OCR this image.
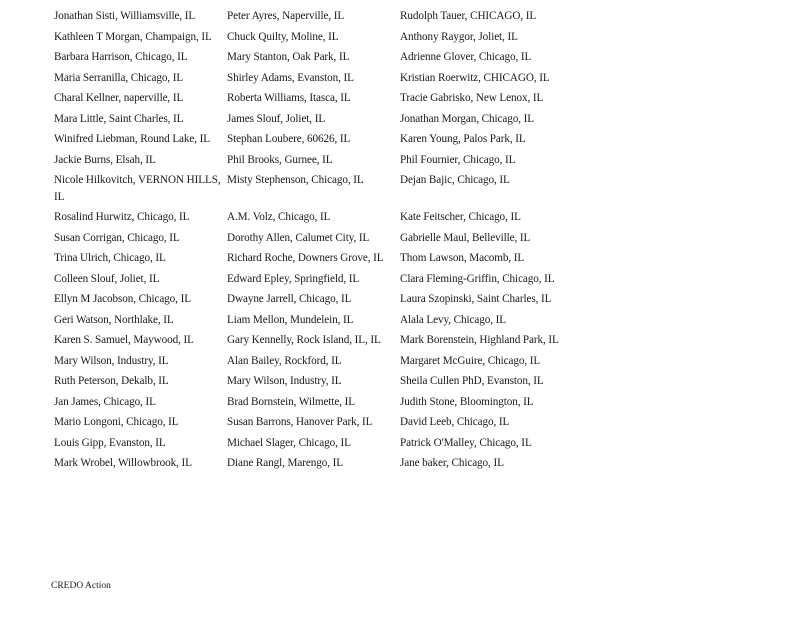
Jonathan Sisti, Williamsville, IL	Peter Ayres, Naperville, IL	Rudolph Tauer, CHICAGO, IL
Kathleen T Morgan, Champaign, IL	Chuck Quilty, Moline, IL	Anthony Raygor, Joliet, IL
Barbara Harrison, Chicago, IL	Mary Stanton, Oak Park, IL	Adrienne Glover, Chicago, IL
Maria Serranilla, Chicago, IL	Shirley Adams, Evanston, IL	Kristian Roerwitz, CHICAGO, IL
Charal Kellner, naperville, IL	Roberta Williams, Itasca, IL	Tracie Gabrisko, New Lenox, IL
Mara Little, Saint Charles, IL	James Slouf, Joliet, IL	Jonathan Morgan, Chicago, IL
Winifred Liebman, Round Lake, IL	Stephan Loubere, 60626, IL	Karen Young, Palos Park, IL
Jackie Burns, Elsah, IL	Phil Brooks, Gurnee, IL	Phil Fournier, Chicago, IL
Nicole Hilkovitch, VERNON HILLS, IL	Misty Stephenson, Chicago, IL	Dejan Bajic, Chicago, IL
Rosalind Hurwitz, Chicago, IL	A.M. Volz, Chicago, IL	Kate Feitscher, Chicago, IL
Susan Corrigan, Chicago, IL	Dorothy Allen, Calumet City, IL	Gabrielle Maul, Belleville, IL
Trina Ulrich, Chicago, IL	Richard Roche, Downers Grove, IL	Thom Lawson, Macomb, IL
Colleen Slouf, Joliet, IL	Edward Epley, Springfield, IL	Clara Fleming-Griffin, Chicago, IL
Ellyn M Jacobson, Chicago, IL	Dwayne Jarrell, Chicago, IL	Laura Szopinski, Saint Charles, IL
Geri Watson, Northlake, IL	Liam Mellon, Mundelein, IL	Alala Levy, Chicago, IL
Karen S. Samuel, Maywood, IL	Gary Kennelly, Rock Island, IL, IL	Mark Borenstein, Highland Park, IL
Mary Wilson, Industry, IL	Alan Bailey, Rockford, IL	Margaret McGuire, Chicago, IL
Ruth Peterson, Dekalb, IL	Mary Wilson, Industry, IL	Sheila Cullen PhD, Evanston, IL
Jan James, Chicago, IL	Brad Bornstein, Wilmette, IL	Judith Stone, Bloomington, IL
Mario Longoni, Chicago, IL	Susan Barrons, Hanover Park, IL	David Leeb, Chicago, IL
Louis Gipp, Evanston, IL	Michael Slager, Chicago, IL	Patrick O'Malley, Chicago, IL
Mark Wrobel, Willowbrook, IL	Diane Rangl, Marengo, IL	Jane baker, Chicago, IL
CREDO Action
